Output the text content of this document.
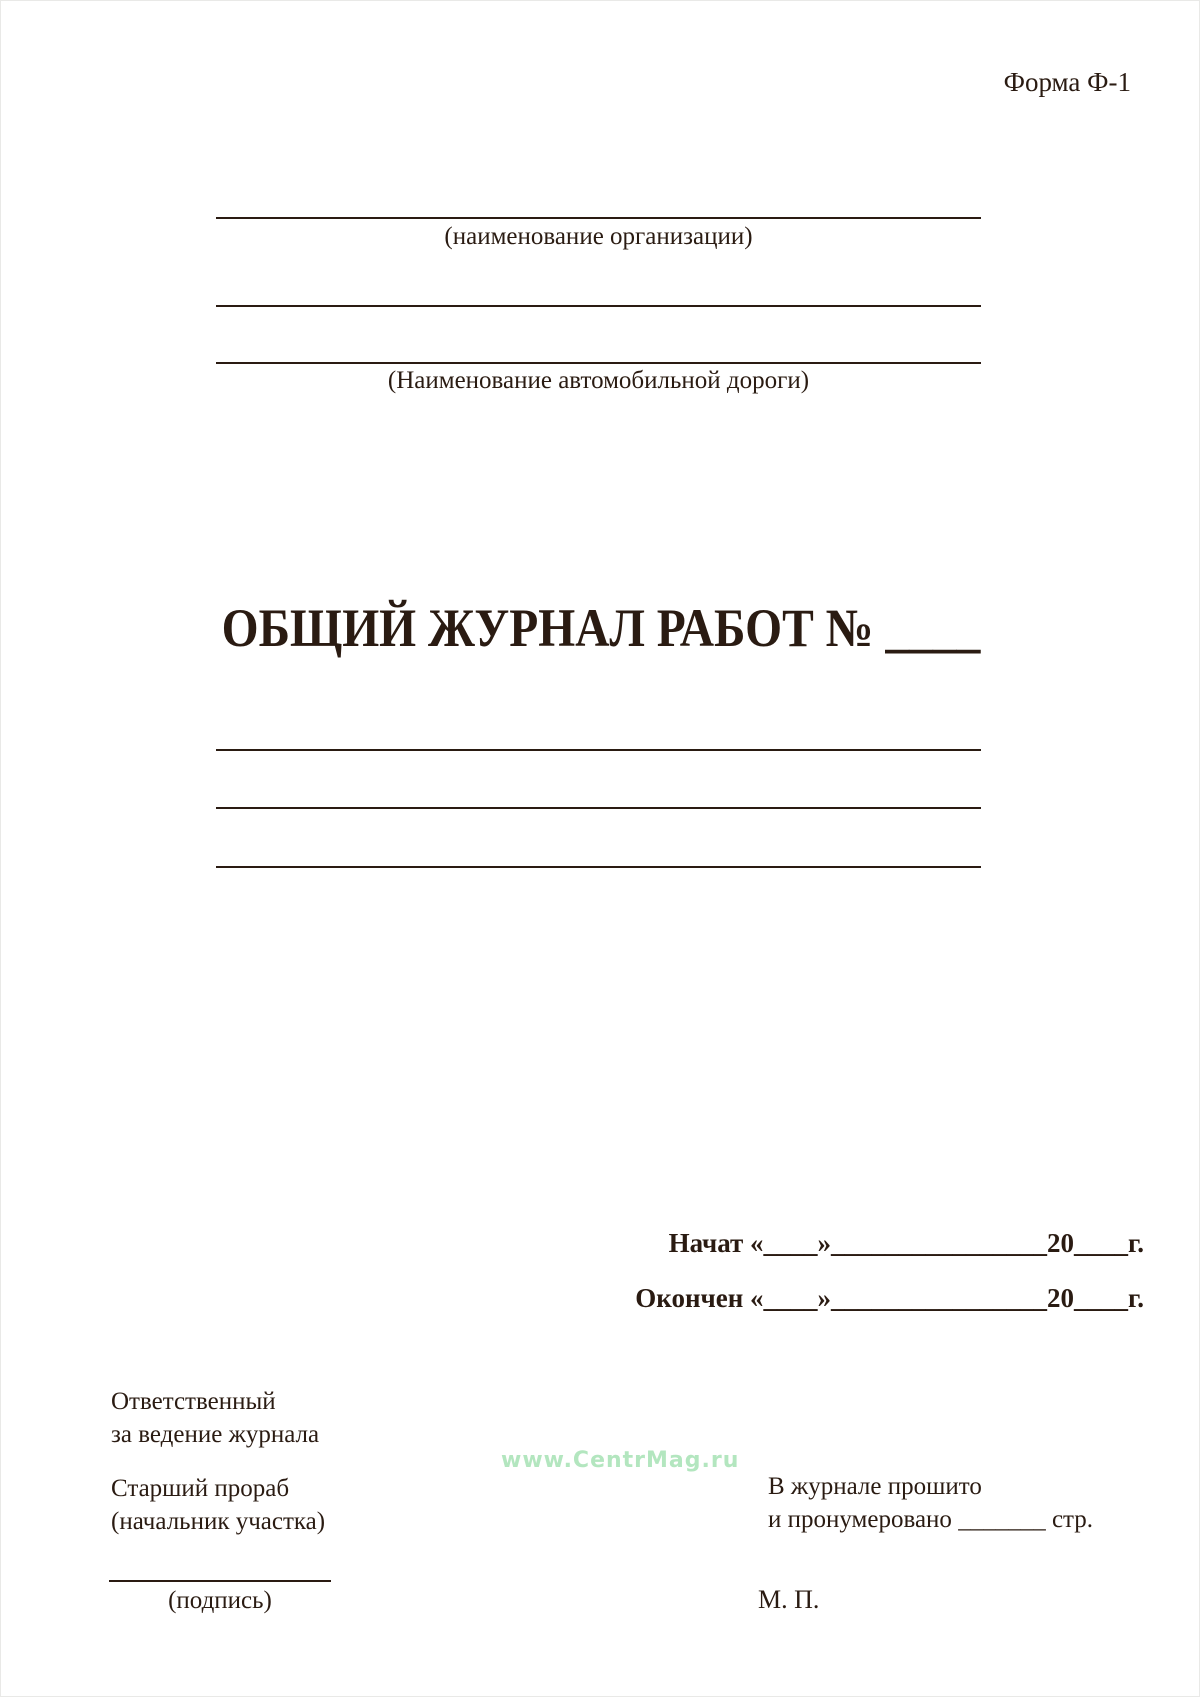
Форма Ф-1
(наименование организации)
(Наименование автомобильной дороги)
ОБЩИЙ ЖУРНАЛ РАБОТ № ____
Начат «____»________________20____г.
Окончен «____»________________20____г.
Ответственный
за ведение журнала
www.CentrMag.ru
Старший прораб
(начальник участка)
В журнале прошито
и пронумеровано _______ стр.
(подпись)	М. П.
